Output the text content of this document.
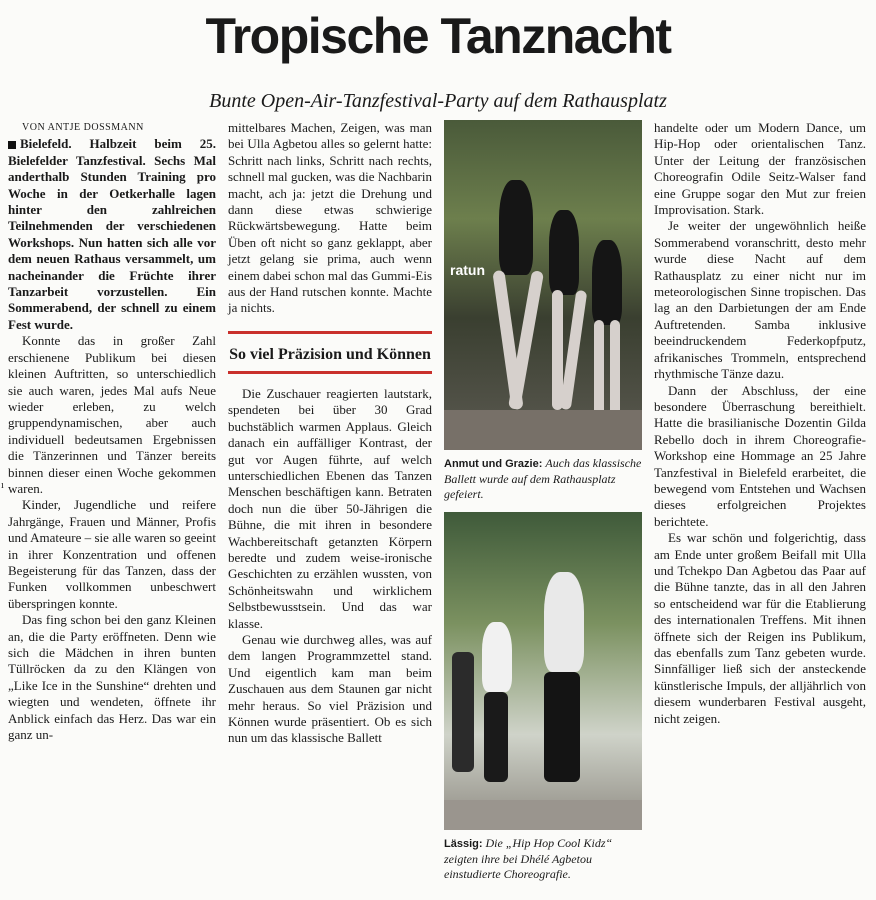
Tropische Tanznacht
Bunte Open-Air-Tanzfestival-Party auf dem Rathausplatz
ı

VON ANTJE DOSSMANN

Bielefeld. Halbzeit beim 25. Bielefelder Tanzfestival. Sechs Mal anderthalb Stunden Training pro Woche in der Oetkerhalle lagen hinter den zahlreichen Teilnehmenden der verschiedenen Workshops. Nun hatten sich alle vor dem neuen Rathaus versammelt, um nacheinander die Früchte ihrer Tanzarbeit vorzustellen. Ein Sommerabend, der schnell zu einem Fest wurde.

Konnte das in großer Zahl erschienene Publikum bei diesen kleinen Auftritten, so unterschiedlich sie auch waren, jedes Mal aufs Neue wieder erleben, zu welch gruppendynamischen, aber auch individuell bedeutsamen Ergebnissen die Tänzerinnen und Tänzer bereits binnen dieser einen Woche gekommen waren.

Kinder, Jugendliche und reifere Jahrgänge, Frauen und Männer, Profis und Amateure – sie alle waren so geeint in ihrer Konzentration und offenen Begeisterung für das Tanzen, dass der Funken vollkommen unbeschwert überspringen konnte.

Das fing schon bei den ganz Kleinen an, die die Party eröffneten. Denn wie sich die Mädchen in ihren bunten Tüllröcken da zu den Klängen von „Like Ice in the Sunshine“ drehten und wiegten und wendeten, öffnete ihr Anblick einfach das Herz. Das war ein ganz un-

mittelbares Machen, Zeigen, was man bei Ulla Agbetou alles so gelernt hatte: Schritt nach links, Schritt nach rechts, schnell mal gucken, was die Nachbarin macht, ach ja: jetzt die Drehung und dann diese etwas schwierige Rückwärtsbewegung. Hatte beim Üben oft nicht so ganz geklappt, aber jetzt gelang sie prima, auch wenn einem dabei schon mal das Gummi-Eis aus der Hand rutschen konnte. Machte ja nichts.

So viel Präzision und Können

Die Zuschauer reagierten lautstark, spendeten bei über 30 Grad buchstäblich warmen Applaus. Gleich danach ein auffälliger Kontrast, der gut vor Augen führte, auf welch unterschiedlichen Ebenen das Tanzen Menschen beschäftigen kann. Betraten doch nun die über 50-Jährigen die Bühne, die mit ihren in besondere Wachbereitschaft getanzten Körpern beredte und zudem weise-ironische Geschichten zu erzählen wussten, von Schönheitswahn und wirklichem Selbstbewusstsein. Und das war klasse.

Genau wie durchweg alles, was auf dem langen Programmzettel stand. Und eigentlich kam man beim Zuschauen aus dem Staunen gar nicht mehr heraus. So viel Präzision und Können wurde präsentiert. Ob es sich nun um das klassische Ballett

ratun
Anmut und Grazie: Auch das klassische Ballett wurde auf dem Rathausplatz gefeiert.
Lässig: Die „Hip Hop Cool Kidz“ zeigten ihre bei Dhélé Agbetou einstudierte Choreografie.

handelte oder um Modern Dance, um Hip-Hop oder orientalischen Tanz. Unter der Leitung der französischen Choreografin Odile Seitz-Walser fand eine Gruppe sogar den Mut zur freien Improvisation. Stark.

Je weiter der ungewöhnlich heiße Sommerabend voranschritt, desto mehr wurde diese Nacht auf dem Rathausplatz zu einer nicht nur im meteorologischen Sinne tropischen. Das lag an den Darbietungen der am Ende Auftretenden. Samba inklusive beeindruckendem Federkopfputz, afrikanisches Trommeln, entsprechend rhythmische Tänze dazu.

Dann der Abschluss, der eine besondere Überraschung bereithielt. Hatte die brasilianische Dozentin Gilda Rebello doch in ihrem Choreografie-Workshop eine Hommage an 25 Jahre Tanzfestival in Bielefeld erarbeitet, die bewegend vom Entstehen und Wachsen dieses erfolgreichen Projektes berichtete.

Es war schön und folgerichtig, dass am Ende unter großem Beifall mit Ulla und Tchekpo Dan Agbetou das Paar auf die Bühne tanzte, das in all den Jahren so entscheidend war für die Etablierung des internationalen Treffens. Mit ihnen öffnete sich der Reigen ins Publikum, das ebenfalls zum Tanz gebeten wurde. Sinnfälliger ließ sich der ansteckende künstlerische Impuls, der alljährlich von diesem wunderbaren Festival ausgeht, nicht zeigen.
